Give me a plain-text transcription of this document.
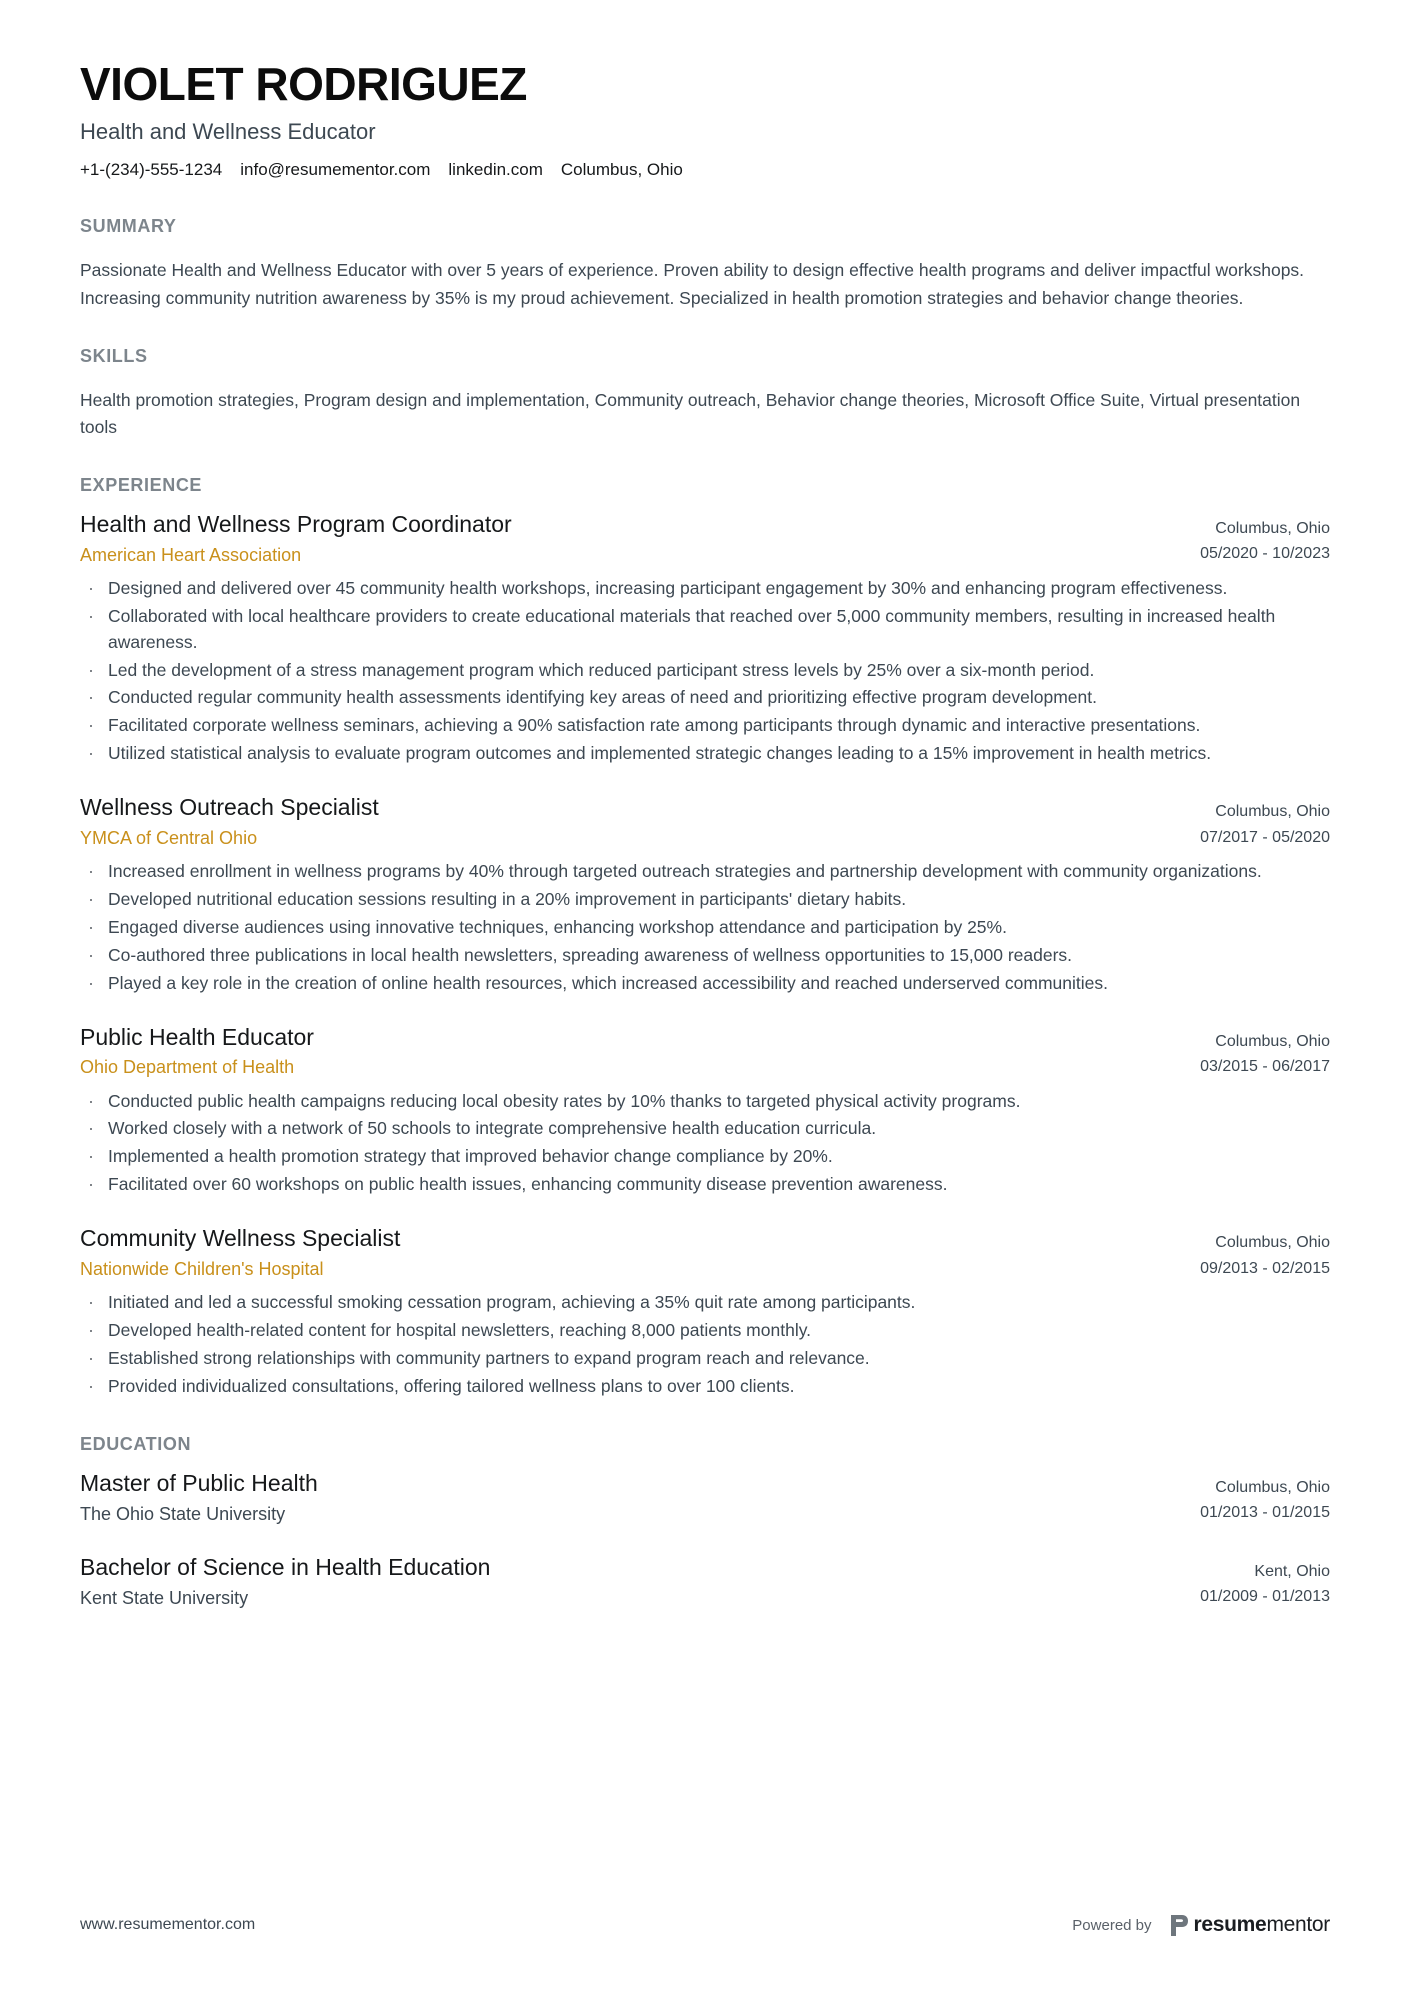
VIOLET RODRIGUEZ
Health and Wellness Educator
+1-(234)-555-1234 info@resumementor.com linkedin.com Columbus, Ohio
SUMMARY

Passionate Health and Wellness Educator with over 5 years of experience. Proven ability to design effective health programs and deliver impactful workshops. Increasing community nutrition awareness by 35% is my proud achievement. Specialized in health promotion strategies and behavior change theories.

SKILLS

Health promotion strategies, Program design and implementation, Community outreach, Behavior change theories, Microsoft Office Suite, Virtual presentation tools

EXPERIENCE
Health and Wellness Program Coordinator
American Heart Association
Columbus, Ohio
05/2020 - 10/2023
· Designed and delivered over 45 community health workshops, increasing participant engagement by 30% and enhancing program effectiveness.
· Collaborated with local healthcare providers to create educational materials that reached over 5,000 community members, resulting in increased health awareness.
· Led the development of a stress management program which reduced participant stress levels by 25% over a six-month period.
· Conducted regular community health assessments identifying key areas of need and prioritizing effective program development.
· Facilitated corporate wellness seminars, achieving a 90% satisfaction rate among participants through dynamic and interactive presentations.
· Utilized statistical analysis to evaluate program outcomes and implemented strategic changes leading to a 15% improvement in health metrics.
Wellness Outreach Specialist
YMCA of Central Ohio
Columbus, Ohio
07/2017 - 05/2020
· Increased enrollment in wellness programs by 40% through targeted outreach strategies and partnership development with community organizations.
· Developed nutritional education sessions resulting in a 20% improvement in participants' dietary habits.
· Engaged diverse audiences using innovative techniques, enhancing workshop attendance and participation by 25%.
· Co-authored three publications in local health newsletters, spreading awareness of wellness opportunities to 15,000 readers.
· Played a key role in the creation of online health resources, which increased accessibility and reached underserved communities.
Public Health Educator
Ohio Department of Health
Columbus, Ohio
03/2015 - 06/2017
· Conducted public health campaigns reducing local obesity rates by 10% thanks to targeted physical activity programs.
· Worked closely with a network of 50 schools to integrate comprehensive health education curricula.
· Implemented a health promotion strategy that improved behavior change compliance by 20%.
· Facilitated over 60 workshops on public health issues, enhancing community disease prevention awareness.
Community Wellness Specialist
Nationwide Children's Hospital
Columbus, Ohio
09/2013 - 02/2015
· Initiated and led a successful smoking cessation program, achieving a 35% quit rate among participants.
· Developed health-related content for hospital newsletters, reaching 8,000 patients monthly.
· Established strong relationships with community partners to expand program reach and relevance.
· Provided individualized consultations, offering tailored wellness plans to over 100 clients.
EDUCATION
Master of Public Health
The Ohio State University
Columbus, Ohio
01/2013 - 01/2015
Bachelor of Science in Health Education
Kent State University
Kent, Ohio
01/2009 - 01/2013
www.resumementor.com	Powered by resumementor
